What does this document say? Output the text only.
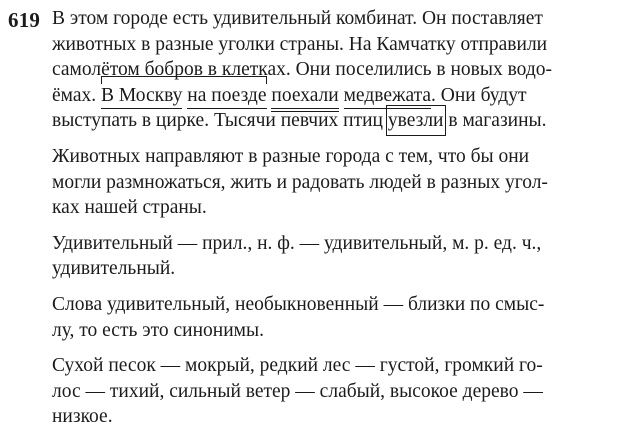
619 В этом городе есть удивительный комбинат. Он поставляет
животных в разные уголки страны. На Камчатку отправили
самолётом бобров в клетках. Они поселились в новых водо-
ёмах.
В Москву на поезде поехали медвежата. Они будут
выступать в цирке. Тысячи певчих птиц
увезли в магазины.
Животных направляют в разные города с тем, что бы они
могли размножаться, жить и радовать людей в разных угол-
ках нашей страны.
Удивительный — прил., н. ф. — удивительный, м. р. ед. ч.,
удивительный.
Слова удивительный, необыкновенный — близки по смыс-
лу, то есть это синонимы.
Сухой песок — мокрый, редкий лес — густой, громкий го-
лос — тихий, сильный ветер — слабый, высокое дерево —
низкое.
